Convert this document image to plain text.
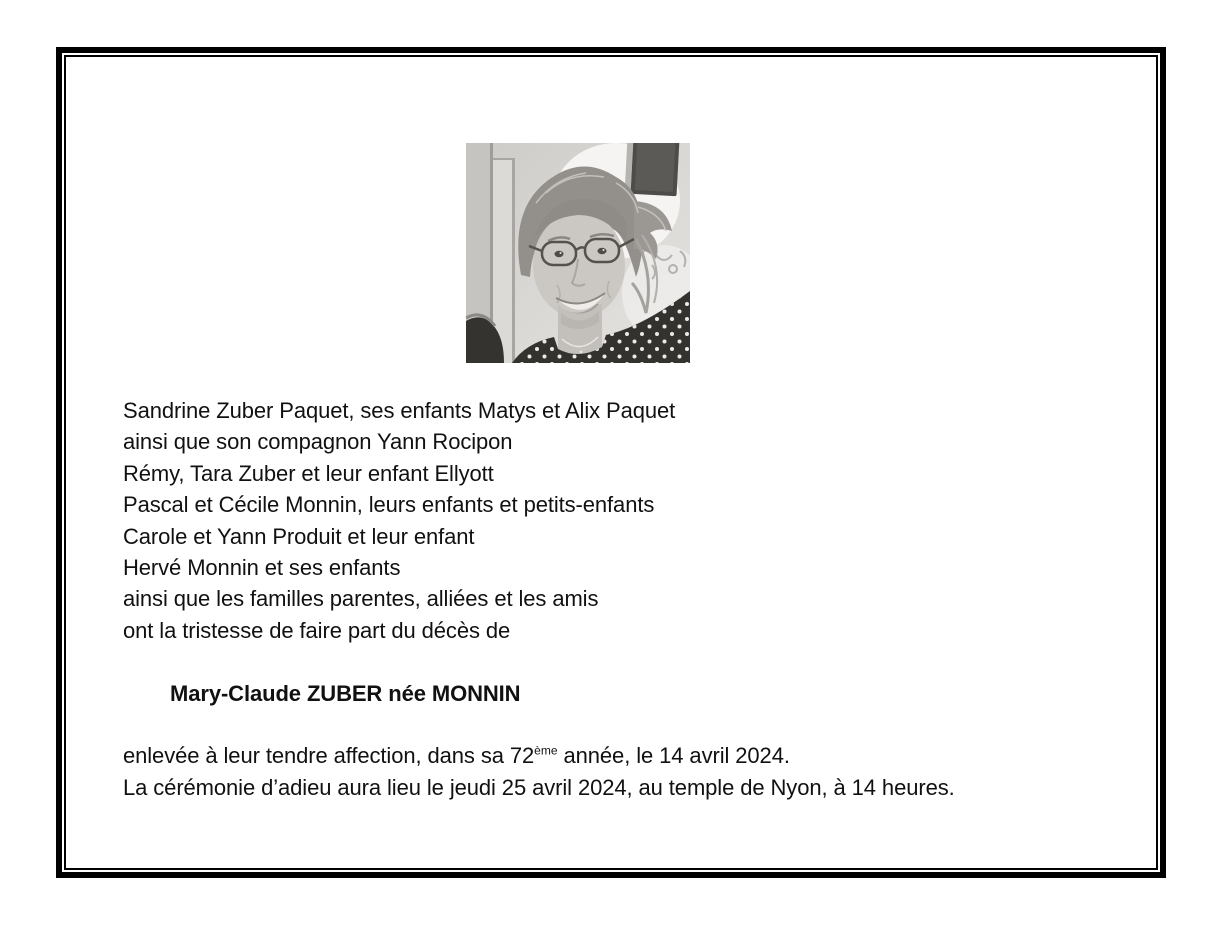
Sandrine Zuber Paquet, ses enfants Matys et Alix Paquet
ainsi que son compagnon Yann Rocipon
Rémy, Tara Zuber et leur enfant Ellyott
Pascal et Cécile Monnin, leurs enfants et petits-enfants
Carole et Yann Produit et leur enfant
Hervé Monnin et ses enfants
ainsi que les familles parentes, alliées et les amis
ont la tristesse de faire part du décès de
Mary-Claude ZUBER née MONNIN
enlevée à leur tendre affection, dans sa 72ème année, le 14 avril 2024.
La cérémonie d’adieu aura lieu le jeudi 25 avril 2024, au temple de Nyon, à 14 heures.
